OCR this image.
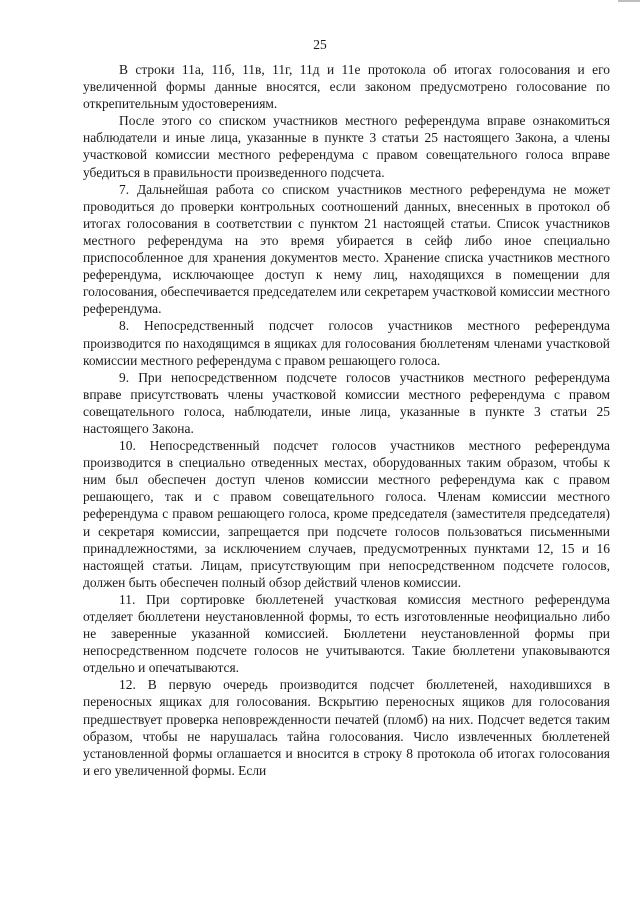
25

В строки 11а, 11б, 11в, 11г, 11д и 11е протокола об итогах голосования и его увеличенной формы данные вносятся, если законом предусмотрено голосование по открепительным удостоверениям.

После этого со списком участников местного референдума вправе ознакомиться наблюдатели и иные лица, указанные в пункте 3 статьи 25 настоящего Закона, а члены участковой комиссии местного референдума с правом совещательного голоса вправе убедиться в правильности произведенного подсчета.

7. Дальнейшая работа со списком участников местного референдума не может проводиться до проверки контрольных соотношений данных, внесенных в протокол об итогах голосования в соответствии с пунктом 21 настоящей статьи. Список участников местного референдума на это время убирается в сейф либо иное специально приспособленное для хранения документов место. Хранение списка участников местного референдума, исключающее доступ к нему лиц, находящихся в помещении для голосования, обеспечивается председателем или секретарем участковой комиссии местного референдума.

8. Непосредственный подсчет голосов участников местного референдума производится по находящимся в ящиках для голосования бюллетеням членами участковой комиссии местного референдума с правом решающего голоса.

9. При непосредственном подсчете голосов участников местного референдума вправе присутствовать члены участковой комиссии местного референдума с правом совещательного голоса, наблюдатели, иные лица, указанные в пункте 3 статьи 25 настоящего Закона.

10. Непосредственный подсчет голосов участников местного референдума производится в специально отведенных местах, оборудованных таким образом, чтобы к ним был обеспечен доступ членов комиссии местного референдума как с правом решающего, так и с правом совещательного голоса. Членам комиссии местного референдума с правом решающего голоса, кроме председателя (заместителя председателя) и секретаря комиссии, запрещается при подсчете голосов пользоваться письменными принадлежностями, за исключением случаев, предусмотренных пунктами 12, 15 и 16 настоящей статьи. Лицам, присутствующим при непосредственном подсчете голосов, должен быть обеспечен полный обзор действий членов комиссии.

11. При сортировке бюллетеней участковая комиссия местного референдума отделяет бюллетени неустановленной формы, то есть изготовленные неофициально либо не заверенные указанной комиссией. Бюллетени неустановленной формы при непосредственном подсчете голосов не учитываются. Такие бюллетени упаковываются отдельно и опечатываются.

12. В первую очередь производится подсчет бюллетеней, находившихся в переносных ящиках для голосования. Вскрытию переносных ящиков для голосования предшествует проверка неповрежденности печатей (пломб) на них. Подсчет ведется таким образом, чтобы не нарушалась тайна голосования. Число извлеченных бюллетеней установленной формы оглашается и вносится в строку 8 протокола об итогах голосования и его увеличенной формы. Если
